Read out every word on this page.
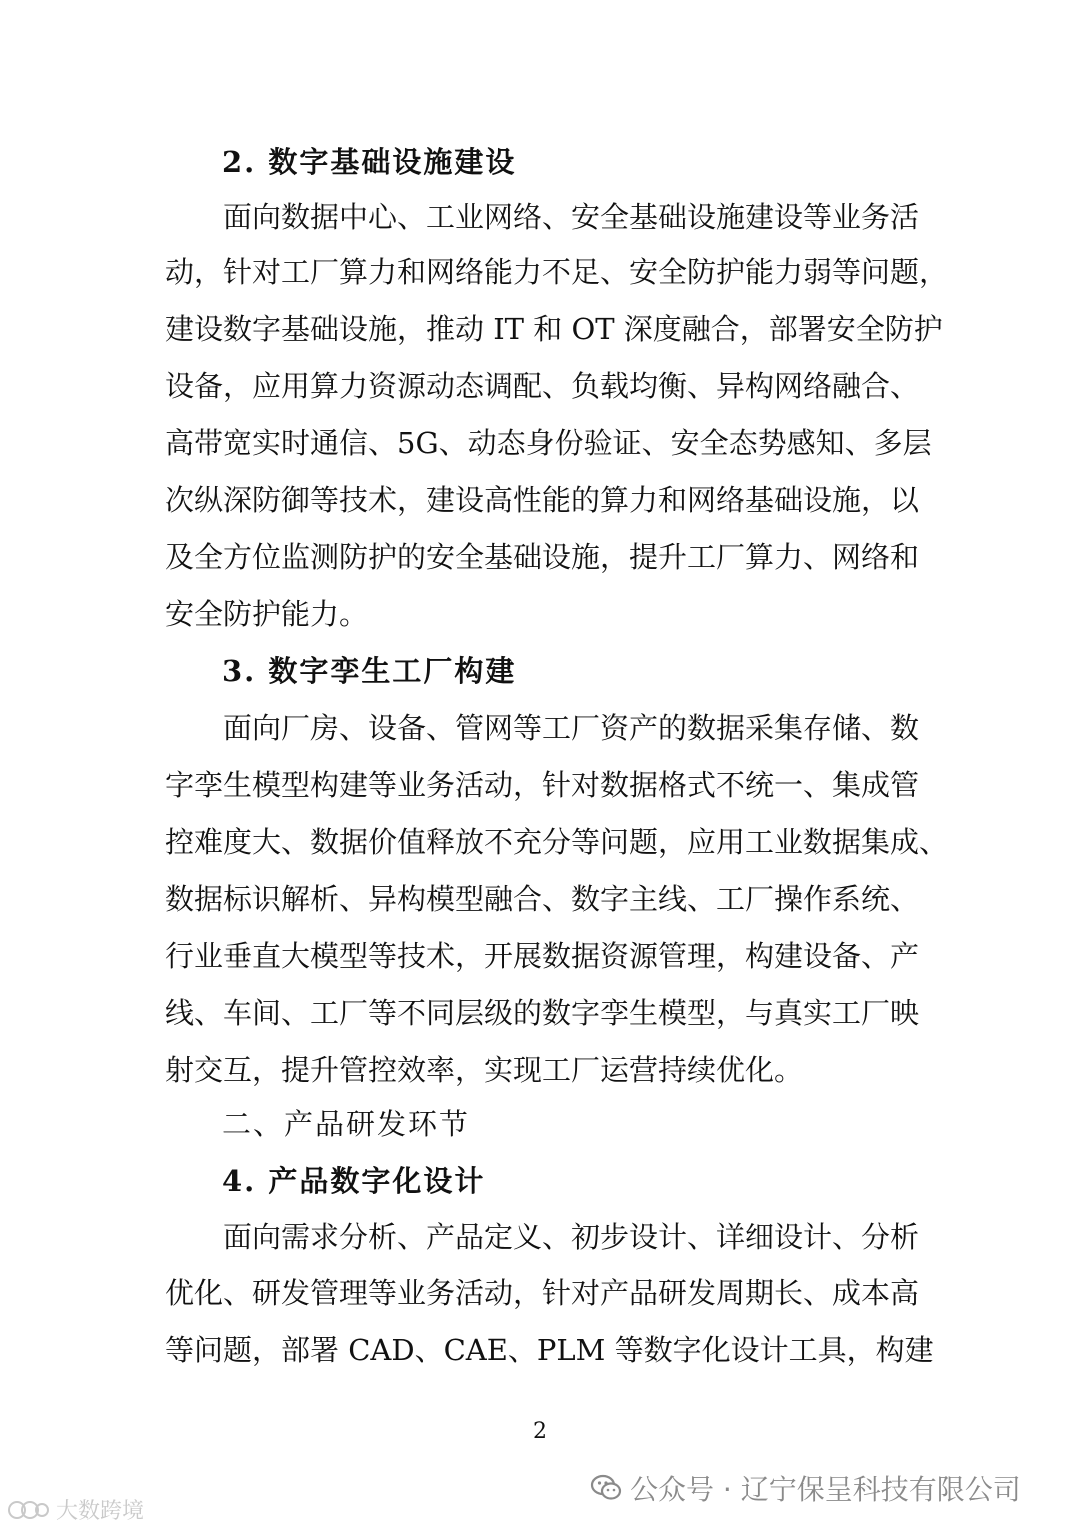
2. 数字基础设施建设
面向数据中心、工业网络、安全基础设施建设等业务活
动，针对工厂算力和网络能力不足、安全防护能力弱等问题，
建设数字基础设施，推动 IT 和 OT 深度融合，部署安全防护
设备，应用算力资源动态调配、负载均衡、异构网络融合、
高带宽实时通信、5G、动态身份验证、安全态势感知、多层
次纵深防御等技术，建设高性能的算力和网络基础设施，以
及全方位监测防护的安全基础设施，提升工厂算力、网络和
安全防护能力。
3. 数字孪生工厂构建
面向厂房、设备、管网等工厂资产的数据采集存储、数
字孪生模型构建等业务活动，针对数据格式不统一、集成管
控难度大、数据价值释放不充分等问题，应用工业数据集成、
数据标识解析、异构模型融合、数字主线、工厂操作系统、
行业垂直大模型等技术，开展数据资源管理，构建设备、产
线、车间、工厂等不同层级的数字孪生模型，与真实工厂映
射交互，提升管控效率，实现工厂运营持续优化。
二、产品研发环节
4. 产品数字化设计
面向需求分析、产品定义、初步设计、详细设计、分析
优化、研发管理等业务活动，针对产品研发周期长、成本高
等问题，部署 CAD、CAE、PLM 等数字化设计工具，构建
2
公众号 · 辽宁保呈科技有限公司
大数跨境
